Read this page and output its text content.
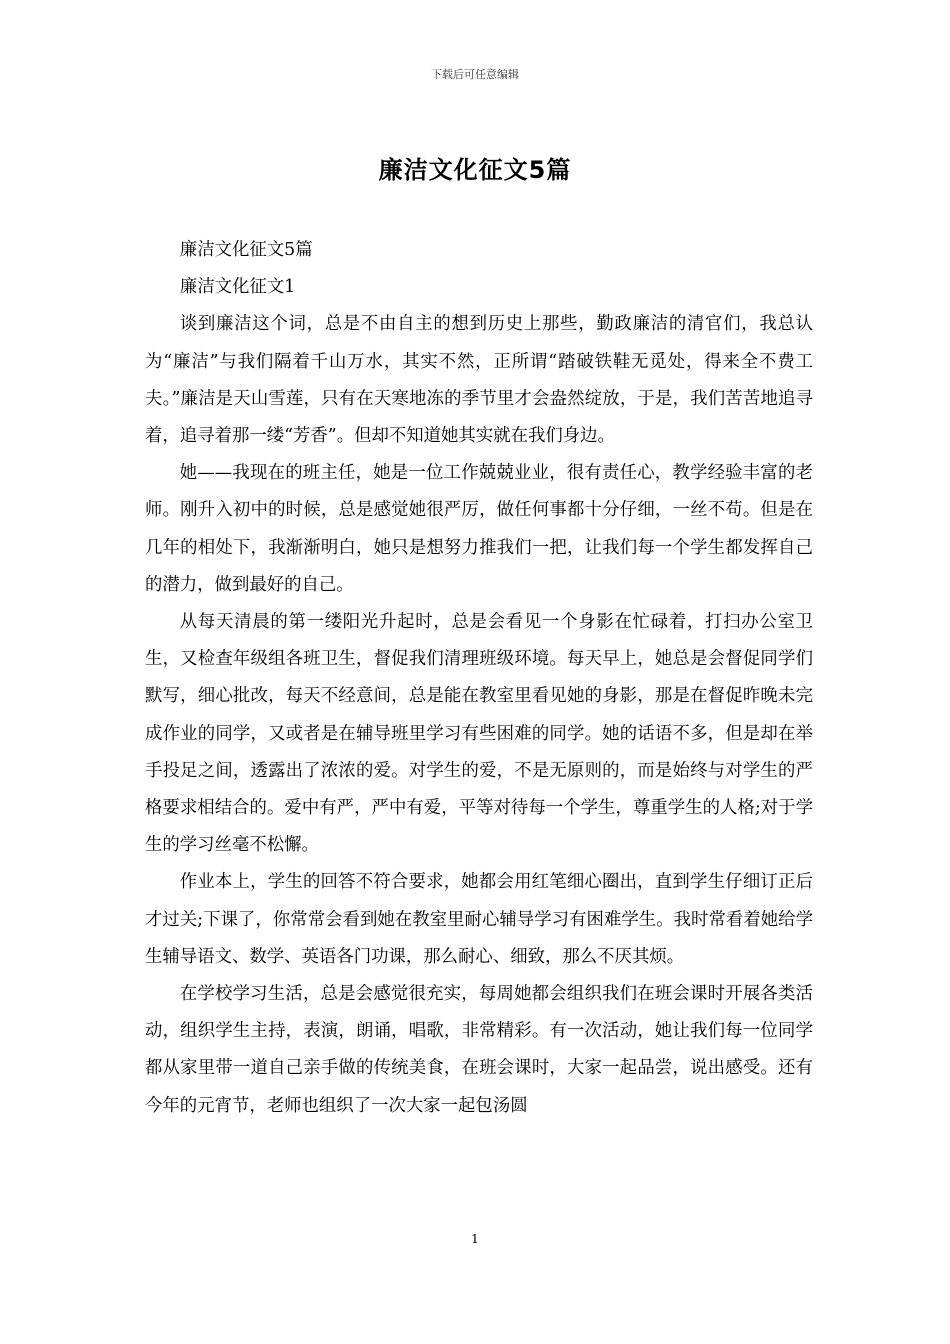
下载后可任意编辑
廉洁文化征文5篇

廉洁文化征文5篇

廉洁文化征文1

谈到廉洁这个词，总是不由自主的想到历史上那些，勤政廉洁的清官们，我总认为“廉洁”与我们隔着千山万水，其实不然，正所谓“踏破铁鞋无觅处，得来全不费工夫。”廉洁是天山雪莲，只有在天寒地冻的季节里才会盎然绽放，于是，我们苦苦地追寻着，追寻着那一缕“芳香”。但却不知道她其实就在我们身边。

她——我现在的班主任，她是一位工作兢兢业业，很有责任心，教学经验丰富的老师。刚升入初中的时候，总是感觉她很严厉，做任何事都十分仔细，一丝不苟。但是在几年的相处下，我渐渐明白，她只是想努力推我们一把，让我们每一个学生都发挥自己的潜力，做到最好的自己。

从每天清晨的第一缕阳光升起时，总是会看见一个身影在忙碌着，打扫办公室卫生，又检查年级组各班卫生，督促我们清理班级环境。每天早上，她总是会督促同学们默写，细心批改，每天不经意间，总是能在教室里看见她的身影，那是在督促昨晚未完成作业的同学，又或者是在辅导班里学习有些困难的同学。她的话语不多，但是却在举手投足之间，透露出了浓浓的爱。对学生的爱，不是无原则的，而是始终与对学生的严格要求相结合的。爱中有严，严中有爱，平等对待每一个学生，尊重学生的人格;对于学生的学习丝毫不松懈。

作业本上，学生的回答不符合要求，她都会用红笔细心圈出，直到学生仔细订正后才过关;下课了，你常常会看到她在教室里耐心辅导学习有困难学生。我时常看着她给学生辅导语文、数学、英语各门功课，那么耐心、细致，那么不厌其烦。

在学校学习生活，总是会感觉很充实，每周她都会组织我们在班会课时开展各类活动，组织学生主持，表演，朗诵，唱歌，非常精彩。有一次活动，她让我们每一位同学都从家里带一道自己亲手做的传统美食，在班会课时，大家一起品尝，说出感受。还有今年的元宵节，老师也组织了一次大家一起包汤圆

1
